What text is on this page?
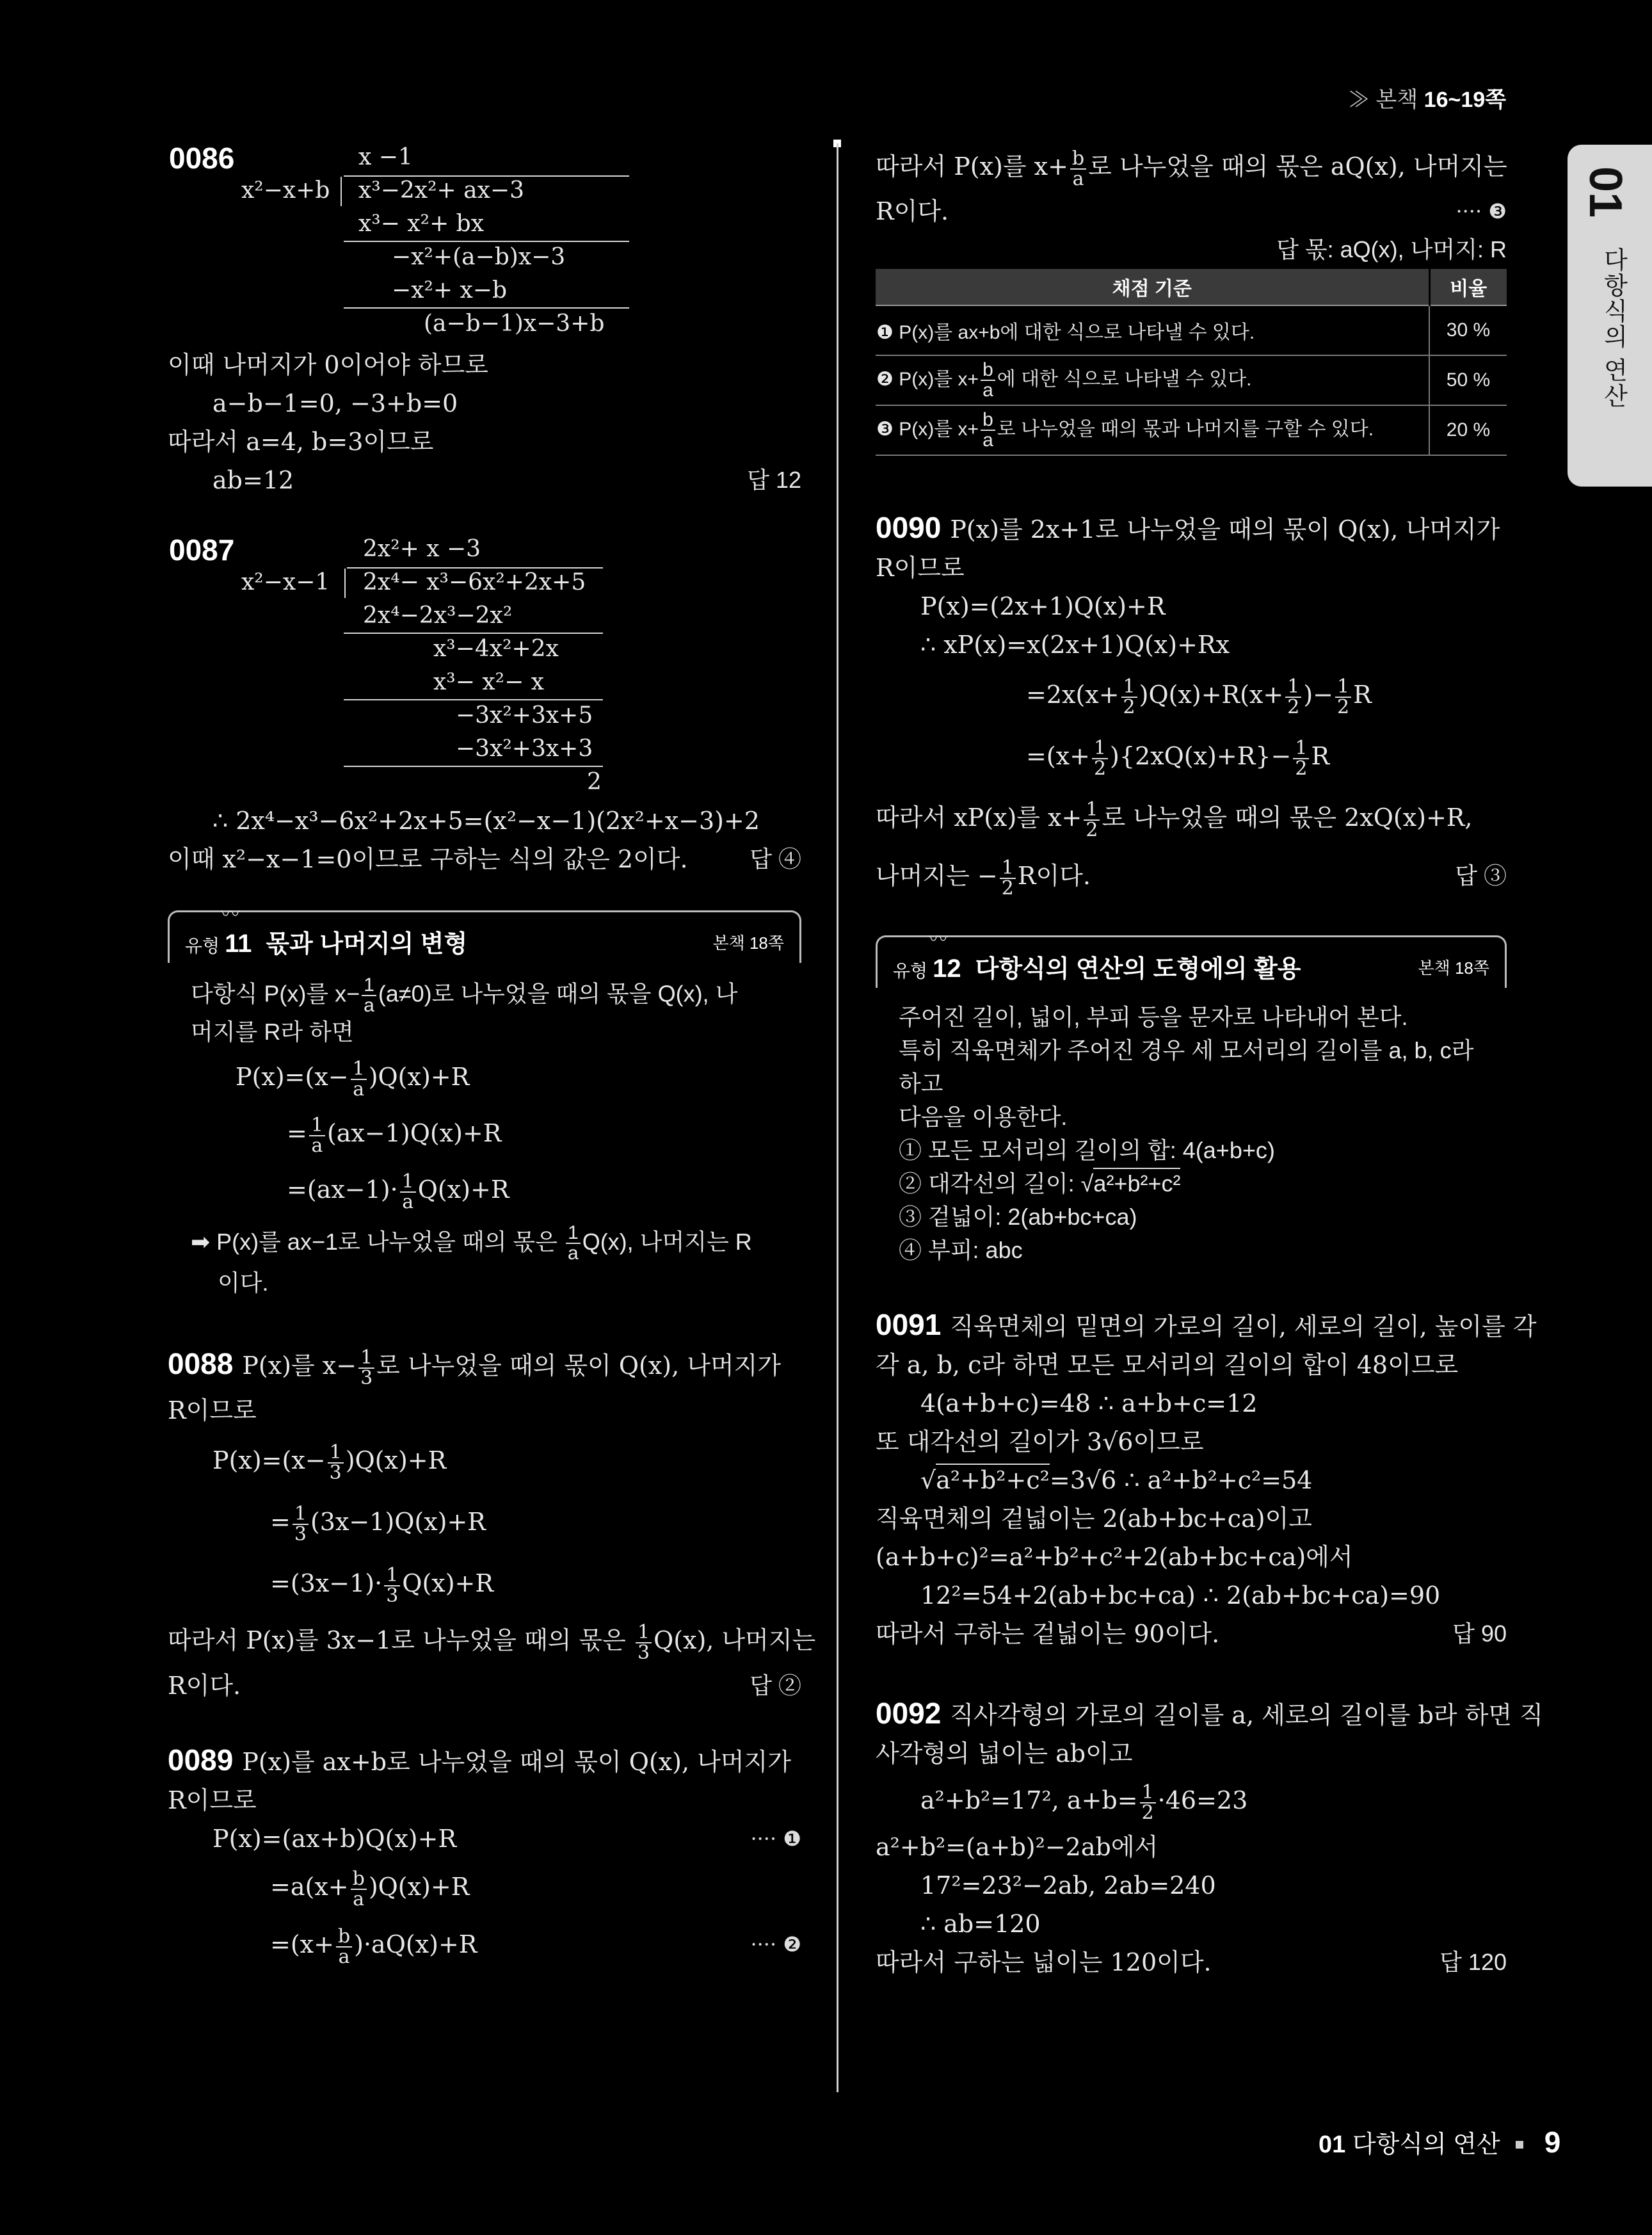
≫ 본책 16~19쪽
01
다항식의 연산
0086	x −1
x²−x+b x³−2x²+ ax−3
x³− x²+ bx
−x²+(a−b)x−3
−x²+ x−b
(a−b−1)x−3+b
이때 나머지가 0이어야 하므로
a−b−1=0, −3+b=0
따라서 a=4, b=3이므로
ab=12	답 12
0087	2x²+ x −3
x²−x−1 2x⁴− x³−6x²+2x+5
2x⁴−2x³−2x²
x³−4x²+2x
x³− x²− x
−3x²+3x+5
−3x²+3x+3
2
∴ 2x⁴−x³−6x²+2x+5=(x²−x−1)(2x²+x−3)+2
이때 x²−x−1=0이므로 구하는 식의 값은 2이다.	답 ④
〰
유형 11 몫과 나머지의 변형	본책 18쪽
다항식 P(x)를 $x- \frac{1}{a} (a\ne 0)$로 나누었을 때의 몫을 Q(x), 나
머지를 R라 하면
$P(x)=(x- \frac{1}{a} )Q(x)+R$
= $\frac{1}{a} (ax-1)Q(x)+R$
$=(ax-1)\cdot \frac{1}{a} Q(x)+R$
➡ P(x)를 ax−1로 나누었을 때의 몫은 $\frac{1}{a} Q(x)$, 나머지는 R
이다.
0088 P(x)를 $x- \frac{1}{3}$ 로 나누었을 때의 몫이 Q(x), 나머지가
R이므로
$P(x)=(x- \frac{1}{3} )Q(x)+R$
= $\frac{1}{3} (3x-1)Q(x)+R$
$=(3x-1)\cdot \frac{1}{3} Q(x)+R$
따라서 P(x)를 3x−1로 나누었을 때의 몫은 $\frac{1}{3} Q(x)$, 나머지는
R이다.	답 ②
0089 P(x)를 ax+b로 나누었을 때의 몫이 Q(x), 나머지가
R이므로
P(x)=(ax+b)Q(x)+R	···· ❶
$=a(x+ \frac{b}{a} )Q(x)+R$
$=(x+ \frac{b}{a} )\cdot aQ(x)+R$	···· ❷
따라서 P(x)를 $x+ \frac{b}{a}$ 로 나누었을 때의 몫은 aQ(x), 나머지는
R이다.	···· ❸
답 몫: aQ(x), 나머지: R
채점 기준	비율
❶ P(x)를 ax+b에 대한 식으로 나타낼 수 있다.	30 %
❷ P(x)를 $x+ \frac{b}{a}$ 에 대한 식으로 나타낼 수 있다.	50 %
❸ P(x)를 $x+ \frac{b}{a}$ 로 나누었을 때의 몫과 나머지를 구할 수 있다.	20 %
0090 P(x)를 2x+1로 나누었을 때의 몫이 Q(x), 나머지가
R이므로
P(x)=(2x+1)Q(x)+R
∴ xP(x)=x(2x+1)Q(x)+Rx
$=2x(x+ \frac{1}{2} )Q(x)+R(x+ \frac{1}{2}$ )− $\frac{1}{2}$ R
$=(x+ \frac{1}{2} )\{2xQ(x)+R\}- \frac{1}{2}$ R
따라서 xP(x)를 $x+ \frac{1}{2}$ 로 나누었을 때의 몫은 2xQ(x)+R,
나머지는 − $\frac{1}{2}$ R이다.	답 ③
〰
유형 12 다항식의 연산의 도형에의 활용	본책 18쪽
주어진 길이, 넓이, 부피 등을 문자로 나타내어 본다.
특히 직육면체가 주어진 경우 세 모서리의 길이를 a, b, c라 하고
다음을 이용한다.
① 모든 모서리의 길이의 합: 4(a+b+c)
② 대각선의 길이: √a²+b²+c²
③ 겉넓이: 2(ab+bc+ca)
④ 부피: abc
0091 직육면체의 밑면의 가로의 길이, 세로의 길이, 높이를 각
각 a, b, c라 하면 모든 모서리의 길이의 합이 48이므로
4(a+b+c)=48 ∴ a+b+c=12
또 대각선의 길이가 3√6이므로
√a²+b²+c²=3√6 ∴ a²+b²+c²=54
직육면체의 겉넓이는 2(ab+bc+ca)이고
(a+b+c)²=a²+b²+c²+2(ab+bc+ca)에서
12²=54+2(ab+bc+ca) ∴ 2(ab+bc+ca)=90
따라서 구하는 겉넓이는 90이다.	답 90
0092 직사각형의 가로의 길이를 a, 세로의 길이를 b라 하면 직
사각형의 넓이는 ab이고
a²+b²=17², $a+b= \frac{1}{2} \cdot 46=23$
a²+b²=(a+b)²−2ab에서
17²=23²−2ab, 2ab=240
∴ ab=120
따라서 구하는 넓이는 120이다.	답 120
01 다항식의 연산 9
